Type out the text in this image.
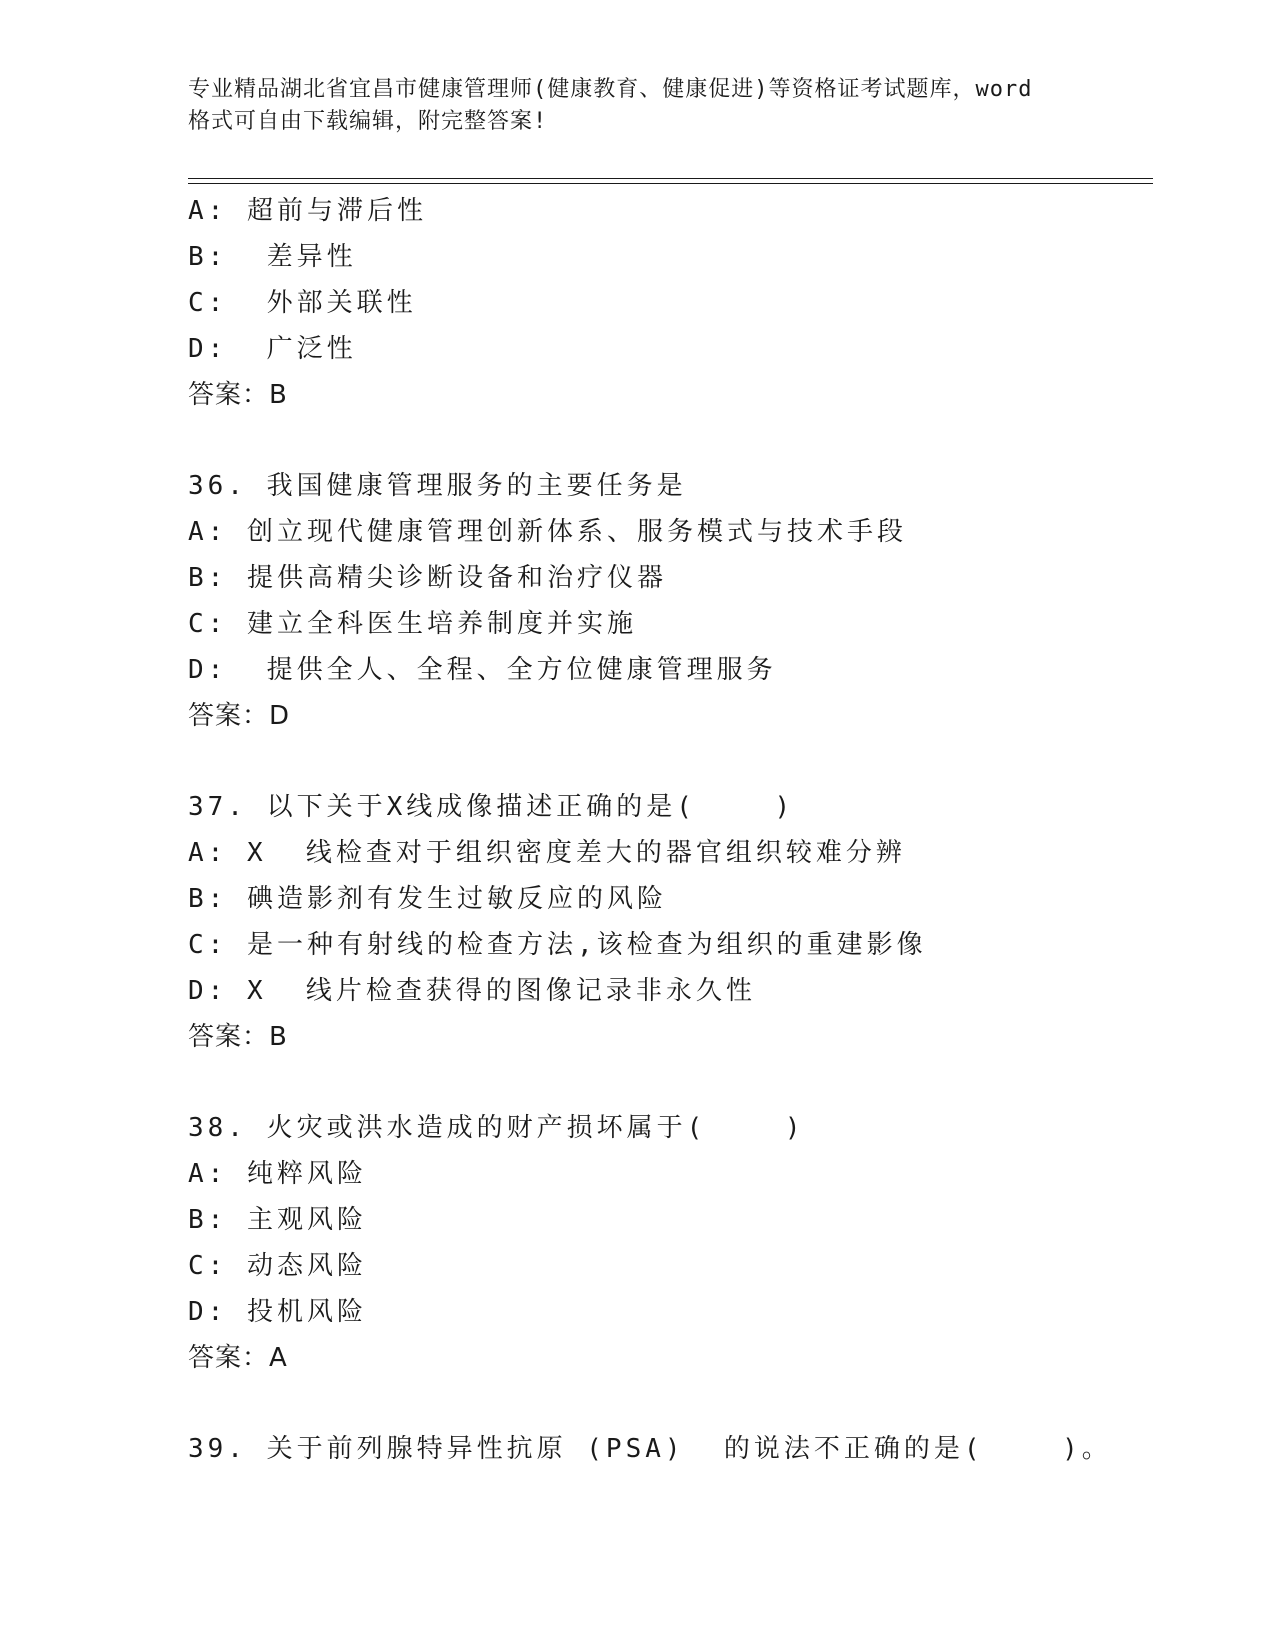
专业精品湖北省宜昌市健康管理师(健康教育、健康促进)等资格证考试题库，word
格式可自由下载编辑，附完整答案!
A: 超前与滞后性
B:  差异性
C:  外部关联性
D:  广泛性
答案：B
36. 我国健康管理服务的主要任务是
A: 创立现代健康管理创新体系、服务模式与技术手段
B: 提供高精尖诊断设备和治疗仪器
C: 建立全科医生培养制度并实施
D:  提供全人、全程、全方位健康管理服务
答案：D
37. 以下关于X线成像描述正确的是(    )
A: X  线检查对于组织密度差大的器官组织较难分辨
B: 碘造影剂有发生过敏反应的风险
C: 是一种有射线的检查方法,该检查为组织的重建影像
D: X  线片检查获得的图像记录非永久性
答案：B
38. 火灾或洪水造成的财产损坏属于(    )
A: 纯粹风险
B: 主观风险
C: 动态风险
D: 投机风险
答案：A
39. 关于前列腺特异性抗原 (PSA)  的说法不正确的是(    )。
